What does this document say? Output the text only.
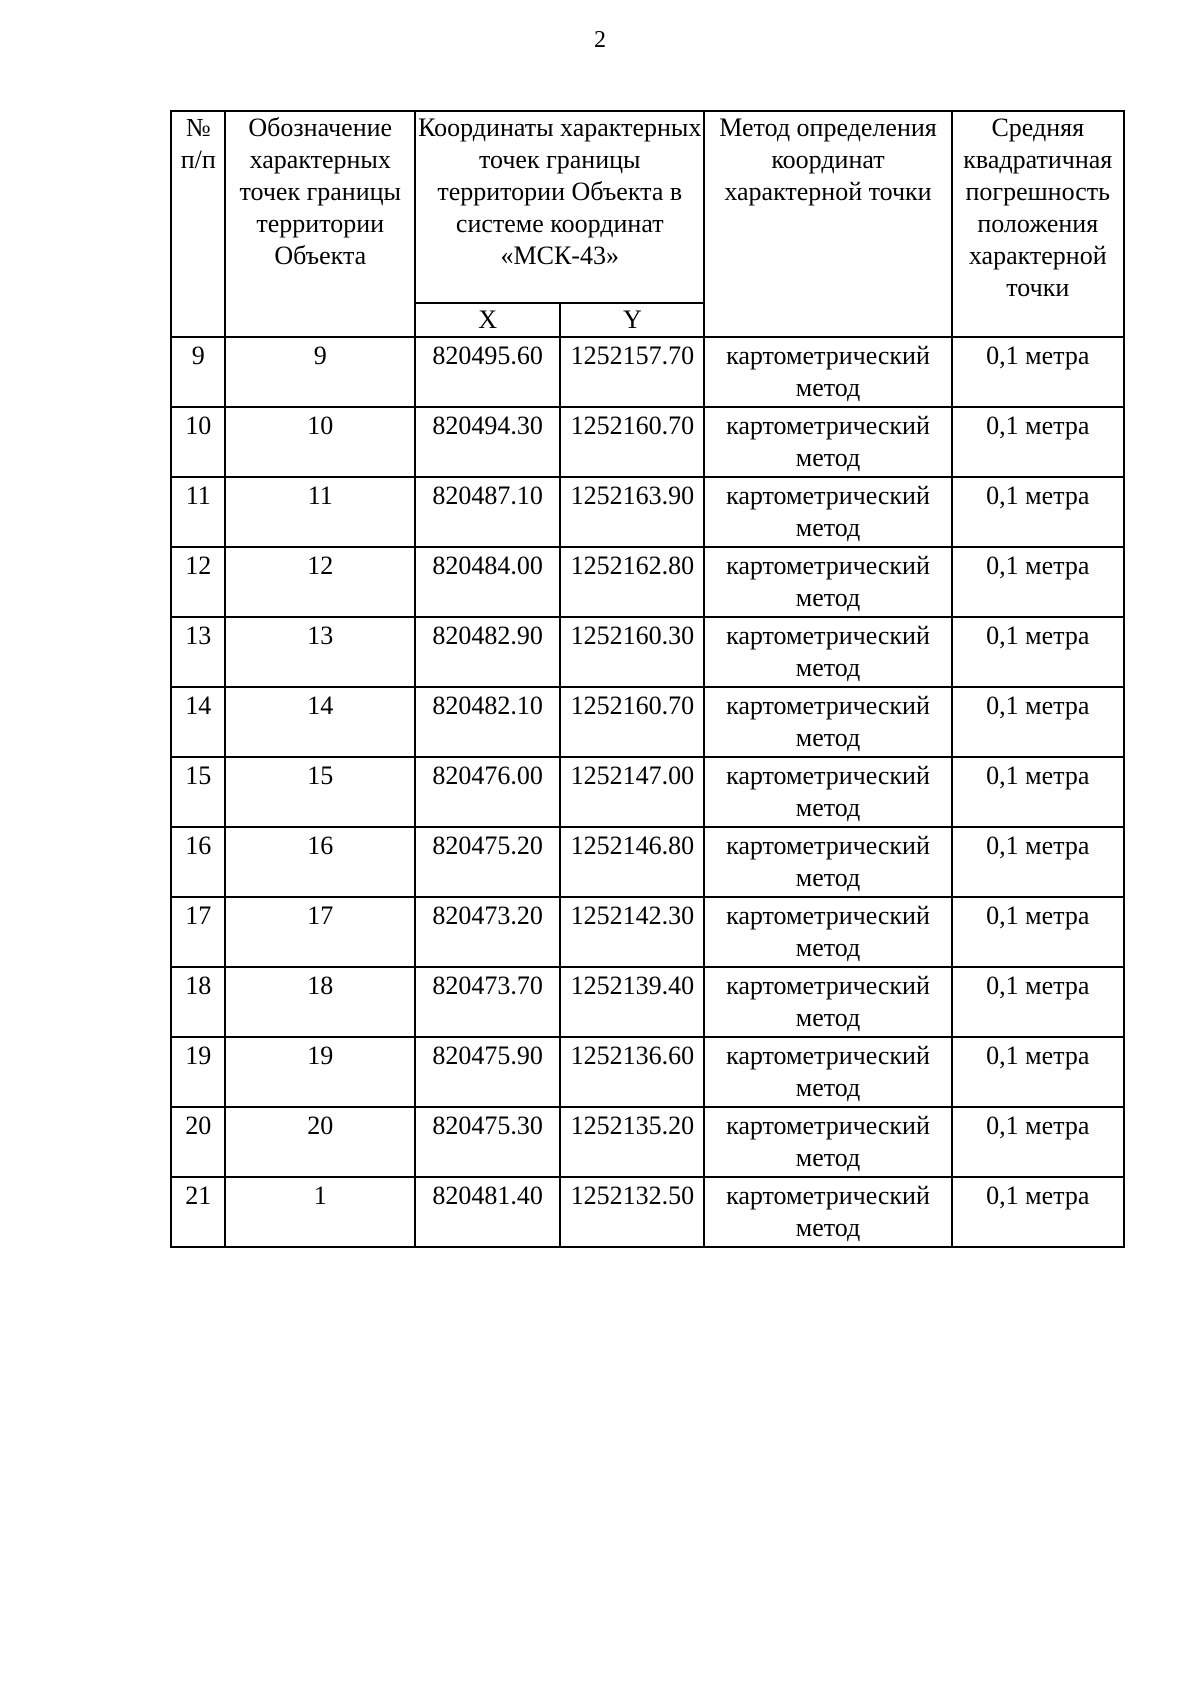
2
№ п/п	Обозначение характерных точек границы территории Объекта	Координаты характерных точек границы территории Объекта в системе координат «МСК-43»		Метод определения координат характерной точки	Средняя квадратичная погрешность положения характерной точки

		X	Y		
9	9	820495.60	1252157.70	картометрический метод	0,1 метра
10	10	820494.30	1252160.70	картометрический метод	0,1 метра
11	11	820487.10	1252163.90	картометрический метод	0,1 метра
12	12	820484.00	1252162.80	картометрический метод	0,1 метра
13	13	820482.90	1252160.30	картометрический метод	0,1 метра
14	14	820482.10	1252160.70	картометрический метод	0,1 метра
15	15	820476.00	1252147.00	картометрический метод	0,1 метра
16	16	820475.20	1252146.80	картометрический метод	0,1 метра
17	17	820473.20	1252142.30	картометрический метод	0,1 метра
18	18	820473.70	1252139.40	картометрический метод	0,1 метра
19	19	820475.90	1252136.60	картометрический метод	0,1 метра
20	20	820475.30	1252135.20	картометрический метод	0,1 метра
21	1	820481.40	1252132.50	картометрический метод	0,1 метра
